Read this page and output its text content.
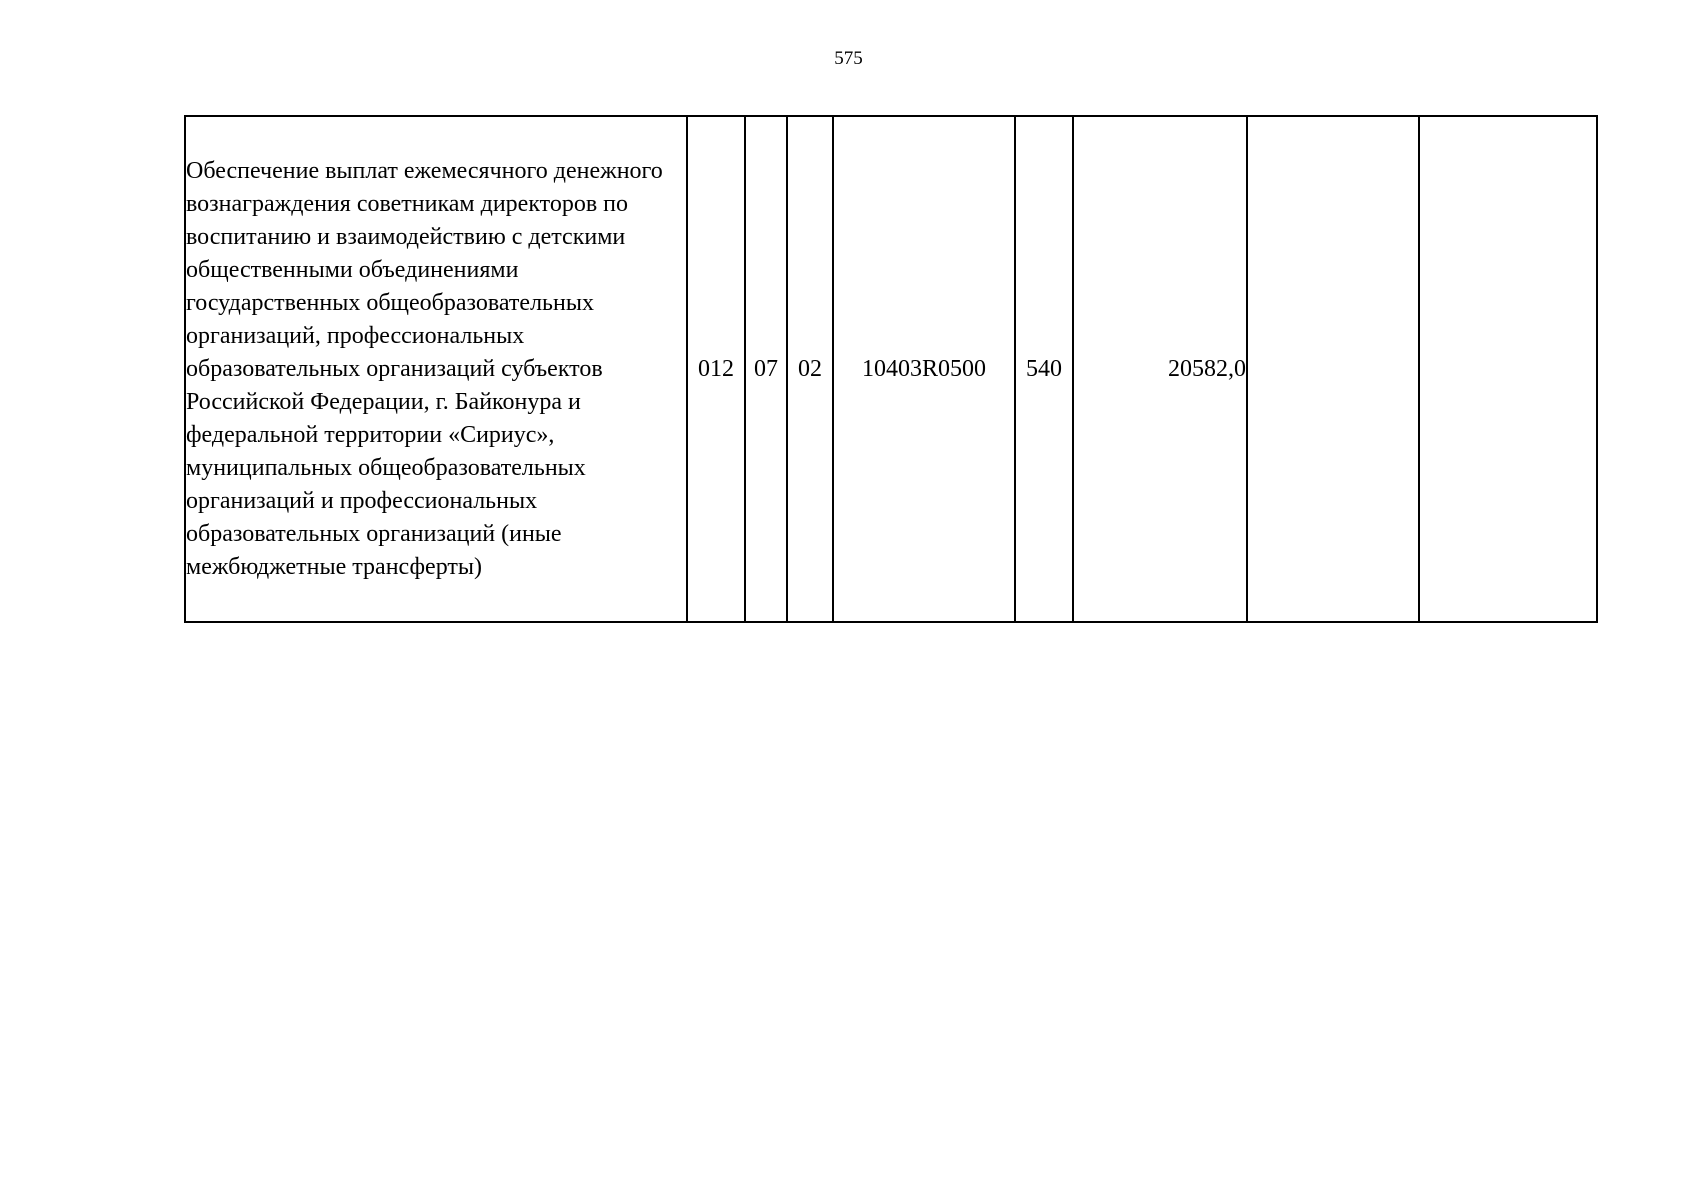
575
Обеспечение выплат ежемесячного денежного вознаграждения советникам директоров по воспитанию и взаимодействию с детскими общественными объединениями государственных общеобразовательных организаций, профессиональных образовательных организаций субъектов Российской Федерации, г. Байконура и федеральной территории «Сириус», муниципальных общеобразовательных организаций и профессиональных образовательных организаций (иные межбюджетные трансферты)	012	07	02	10403R0500	540	20582,0		
